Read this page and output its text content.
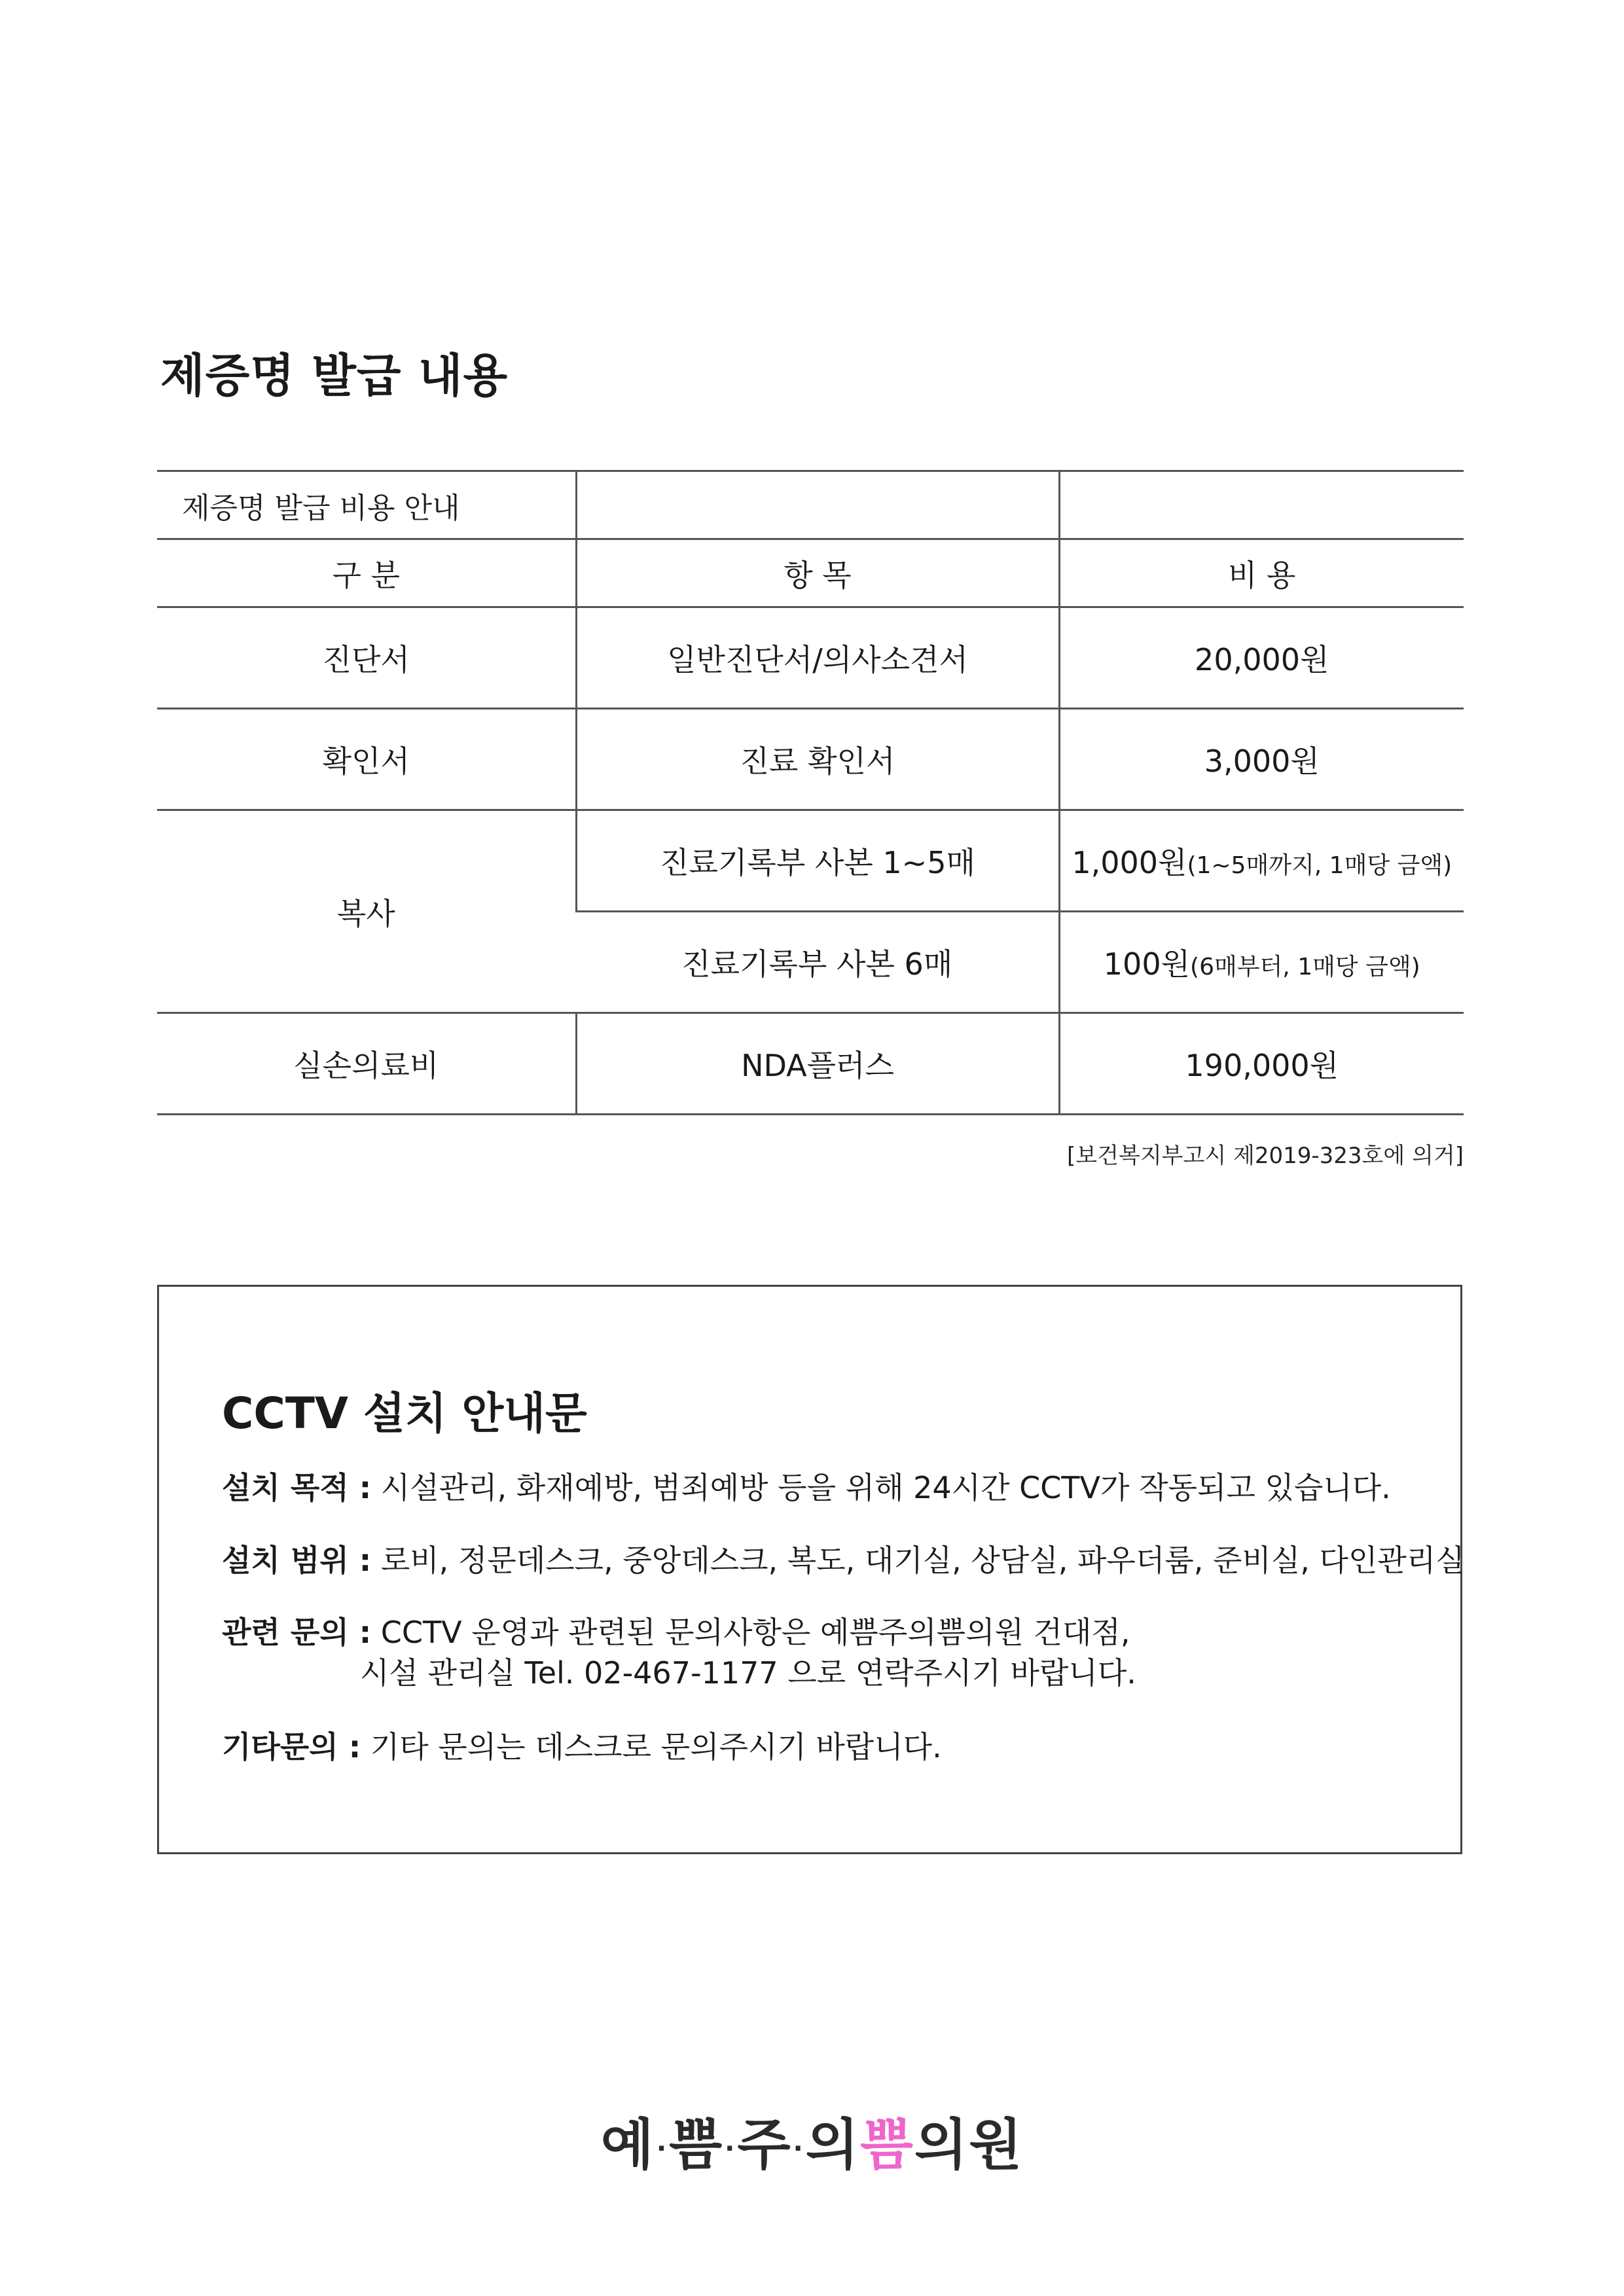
제증명 발급 내용
제증명 발급 비용 안내		
구 분	항 목	비 용
진단서	일반진단서/의사소견서	20,000원
확인서	진료 확인서	3,000원
복사	진료기록부 사본 1~5매	1,000원(1~5매까지, 1매당 금액)
	진료기록부 사본 6매	100원(6매부터, 1매당 금액)
실손의료비	NDA플러스	190,000원
[보건복지부고시 제2019-323호에 의거]
CCTV 설치 안내문
설치 목적 : 시설관리, 화재예방, 범죄예방 등을 위해 24시간 CCTV가 작동되고 있습니다.
설치 범위 : 로비, 정문데스크, 중앙데스크, 복도, 대기실, 상담실, 파우더룸, 준비실, 다인관리실
관련 문의 : CCTV 운영과 관련된 문의사항은 예쁨주의쁨의원 건대점,
시설 관리실 Tel. 02-467-1177 으로 연락주시기 바랍니다.
기타문의 : 기타 문의는 데스크로 문의주시기 바랍니다.
예·쁨·주·의쁨의원
